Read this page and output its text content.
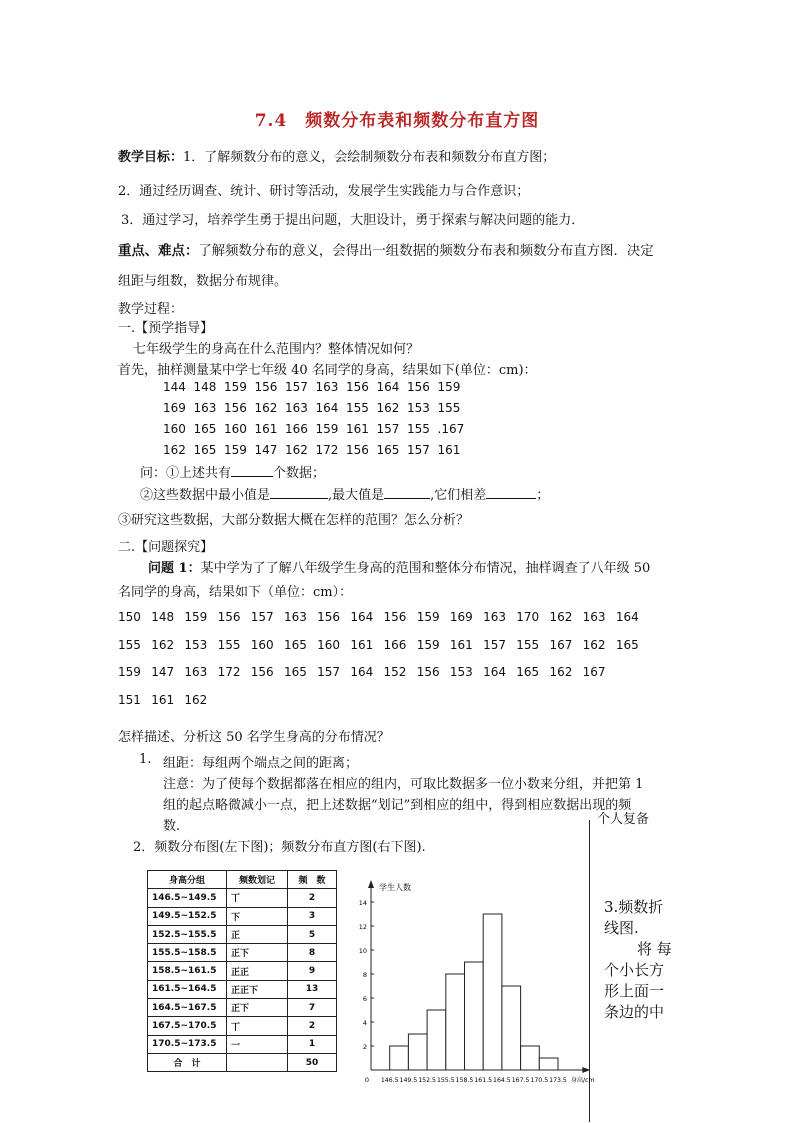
7.4　频数分布表和频数分布直方图
教学目标：1．了解频数分布的意义，会绘制频数分布表和频数分布直方图；
2．通过经历调查、统计、研讨等活动，发展学生实践能力与合作意识；
3．通过学习，培养学生勇于提出问题，大胆设计，勇于探索与解决问题的能力．
重点、难点：了解频数分布的意义，会得出一组数据的频数分布表和频数分布直方图．决定
组距与组数，数据分布规律。
教学过程：
一.【预学指导】
七年级学生的身高在什么范围内？整体情况如何？
首先，抽样测量某中学七年级 40 名同学的身高，结果如下(单位：cm)：
144 148 159 156 157 163 156 164 156 159
169 163 156 162 163 164 155 162 153 155
160 165 160 161 166 159 161 157 155 .167
162 165 159 147 162 172 156 165 157 161
问：①上述共有	个数据；
②这些数据中最小值是	,最大值是	,它们相差	；
③研究这些数据，大部分数据大概在怎样的范围？怎么分析？
二.【问题探究】
问题 1：某中学为了了解八年级学生身高的范围和整体分布情况，抽样调查了八年级 50
名同学的身高，结果如下（单位：cm）：
150 148 159 156 157 163 156 164 156 159 169 163 170 162 163 164
155 162 153 155 160 165 160 161 166 159 161 157 155 167 162 165
159 147 163 172 156 165 157 164 152 156 153 164 165 162 167
151 161 162
怎样描述、分析这 50 名学生身高的分布情况？
1. 组距：每组两个端点之间的距离；
注意：为了使每个数据都落在相应的组内，可取比数据多一位小数来分组，并把第 1
组的起点略微减小一点，把上述数据“划记”到相应的组中，得到相应数据出现的频
数.	个人复备
2．频数分布图(左下图)；频数分布直方图(右下图).
身高分组	频数划记	频　数
146.5~149.5	丅	2
149.5~152.5	下	3
152.5~155.5	正	5
155.5~158.5	正下	8
158.5~161.5	正正	9
161.5~164.5	正正下	13
164.5~167.5	正下	7
167.5~170.5	丅	2
170.5~173.5	一	1
合　计		50
学生人数
2
4
6
8
10
12
14
0 146.5 149.5 152.5 155.5 158.5 161.5 164.5 167.5 170.5 173.5 身高/cm
3.频数折
线图.
将 每
个小长方
形上面一
条边的中
